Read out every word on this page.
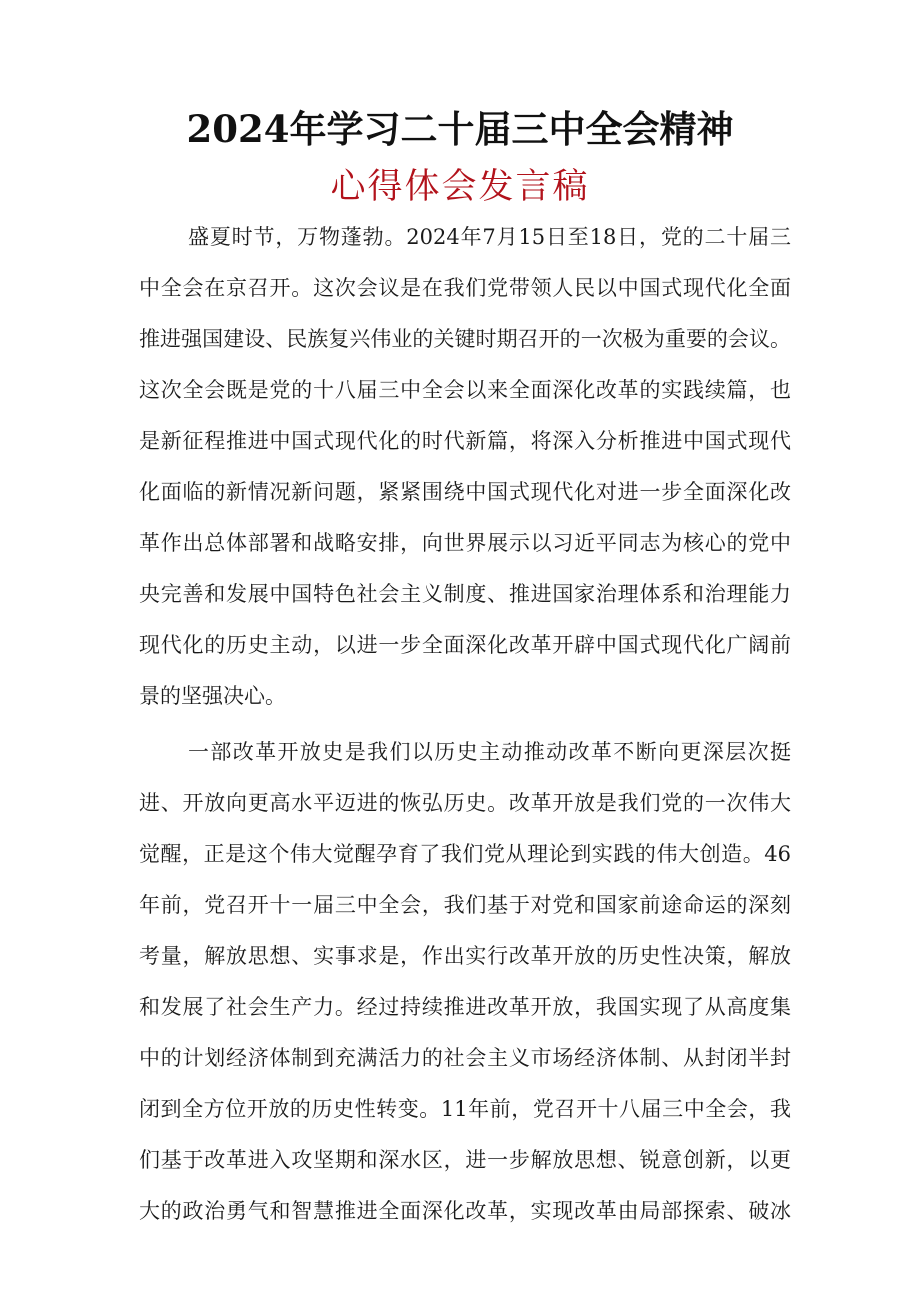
2024年学习二十届三中全会精神
心得体会发言稿
盛夏时节，万物蓬勃。2024年7月15日至18日，党的二十届三
中全会在京召开。这次会议是在我们党带领人民以中国式现代化全面
推进强国建设、民族复兴伟业的关键时期召开的一次极为重要的会议。
这次全会既是党的十八届三中全会以来全面深化改革的实践续篇，也
是新征程推进中国式现代化的时代新篇，将深入分析推进中国式现代
化面临的新情况新问题，紧紧围绕中国式现代化对进一步全面深化改
革作出总体部署和战略安排，向世界展示以习近平同志为核心的党中
央完善和发展中国特色社会主义制度、推进国家治理体系和治理能力
现代化的历史主动，以进一步全面深化改革开辟中国式现代化广阔前
景的坚强决心。
一部改革开放史是我们以历史主动推动改革不断向更深层次挺
进、开放向更高水平迈进的恢弘历史。改革开放是我们党的一次伟大
觉醒，正是这个伟大觉醒孕育了我们党从理论到实践的伟大创造。46
年前，党召开十一届三中全会，我们基于对党和国家前途命运的深刻
考量，解放思想、实事求是，作出实行改革开放的历史性决策，解放
和发展了社会生产力。经过持续推进改革开放，我国实现了从高度集
中的计划经济体制到充满活力的社会主义市场经济体制、从封闭半封
闭到全方位开放的历史性转变。11年前，党召开十八届三中全会，我
们基于改革进入攻坚期和深水区，进一步解放思想、锐意创新，以更
大的政治勇气和智慧推进全面深化改革，实现改革由局部探索、破冰
